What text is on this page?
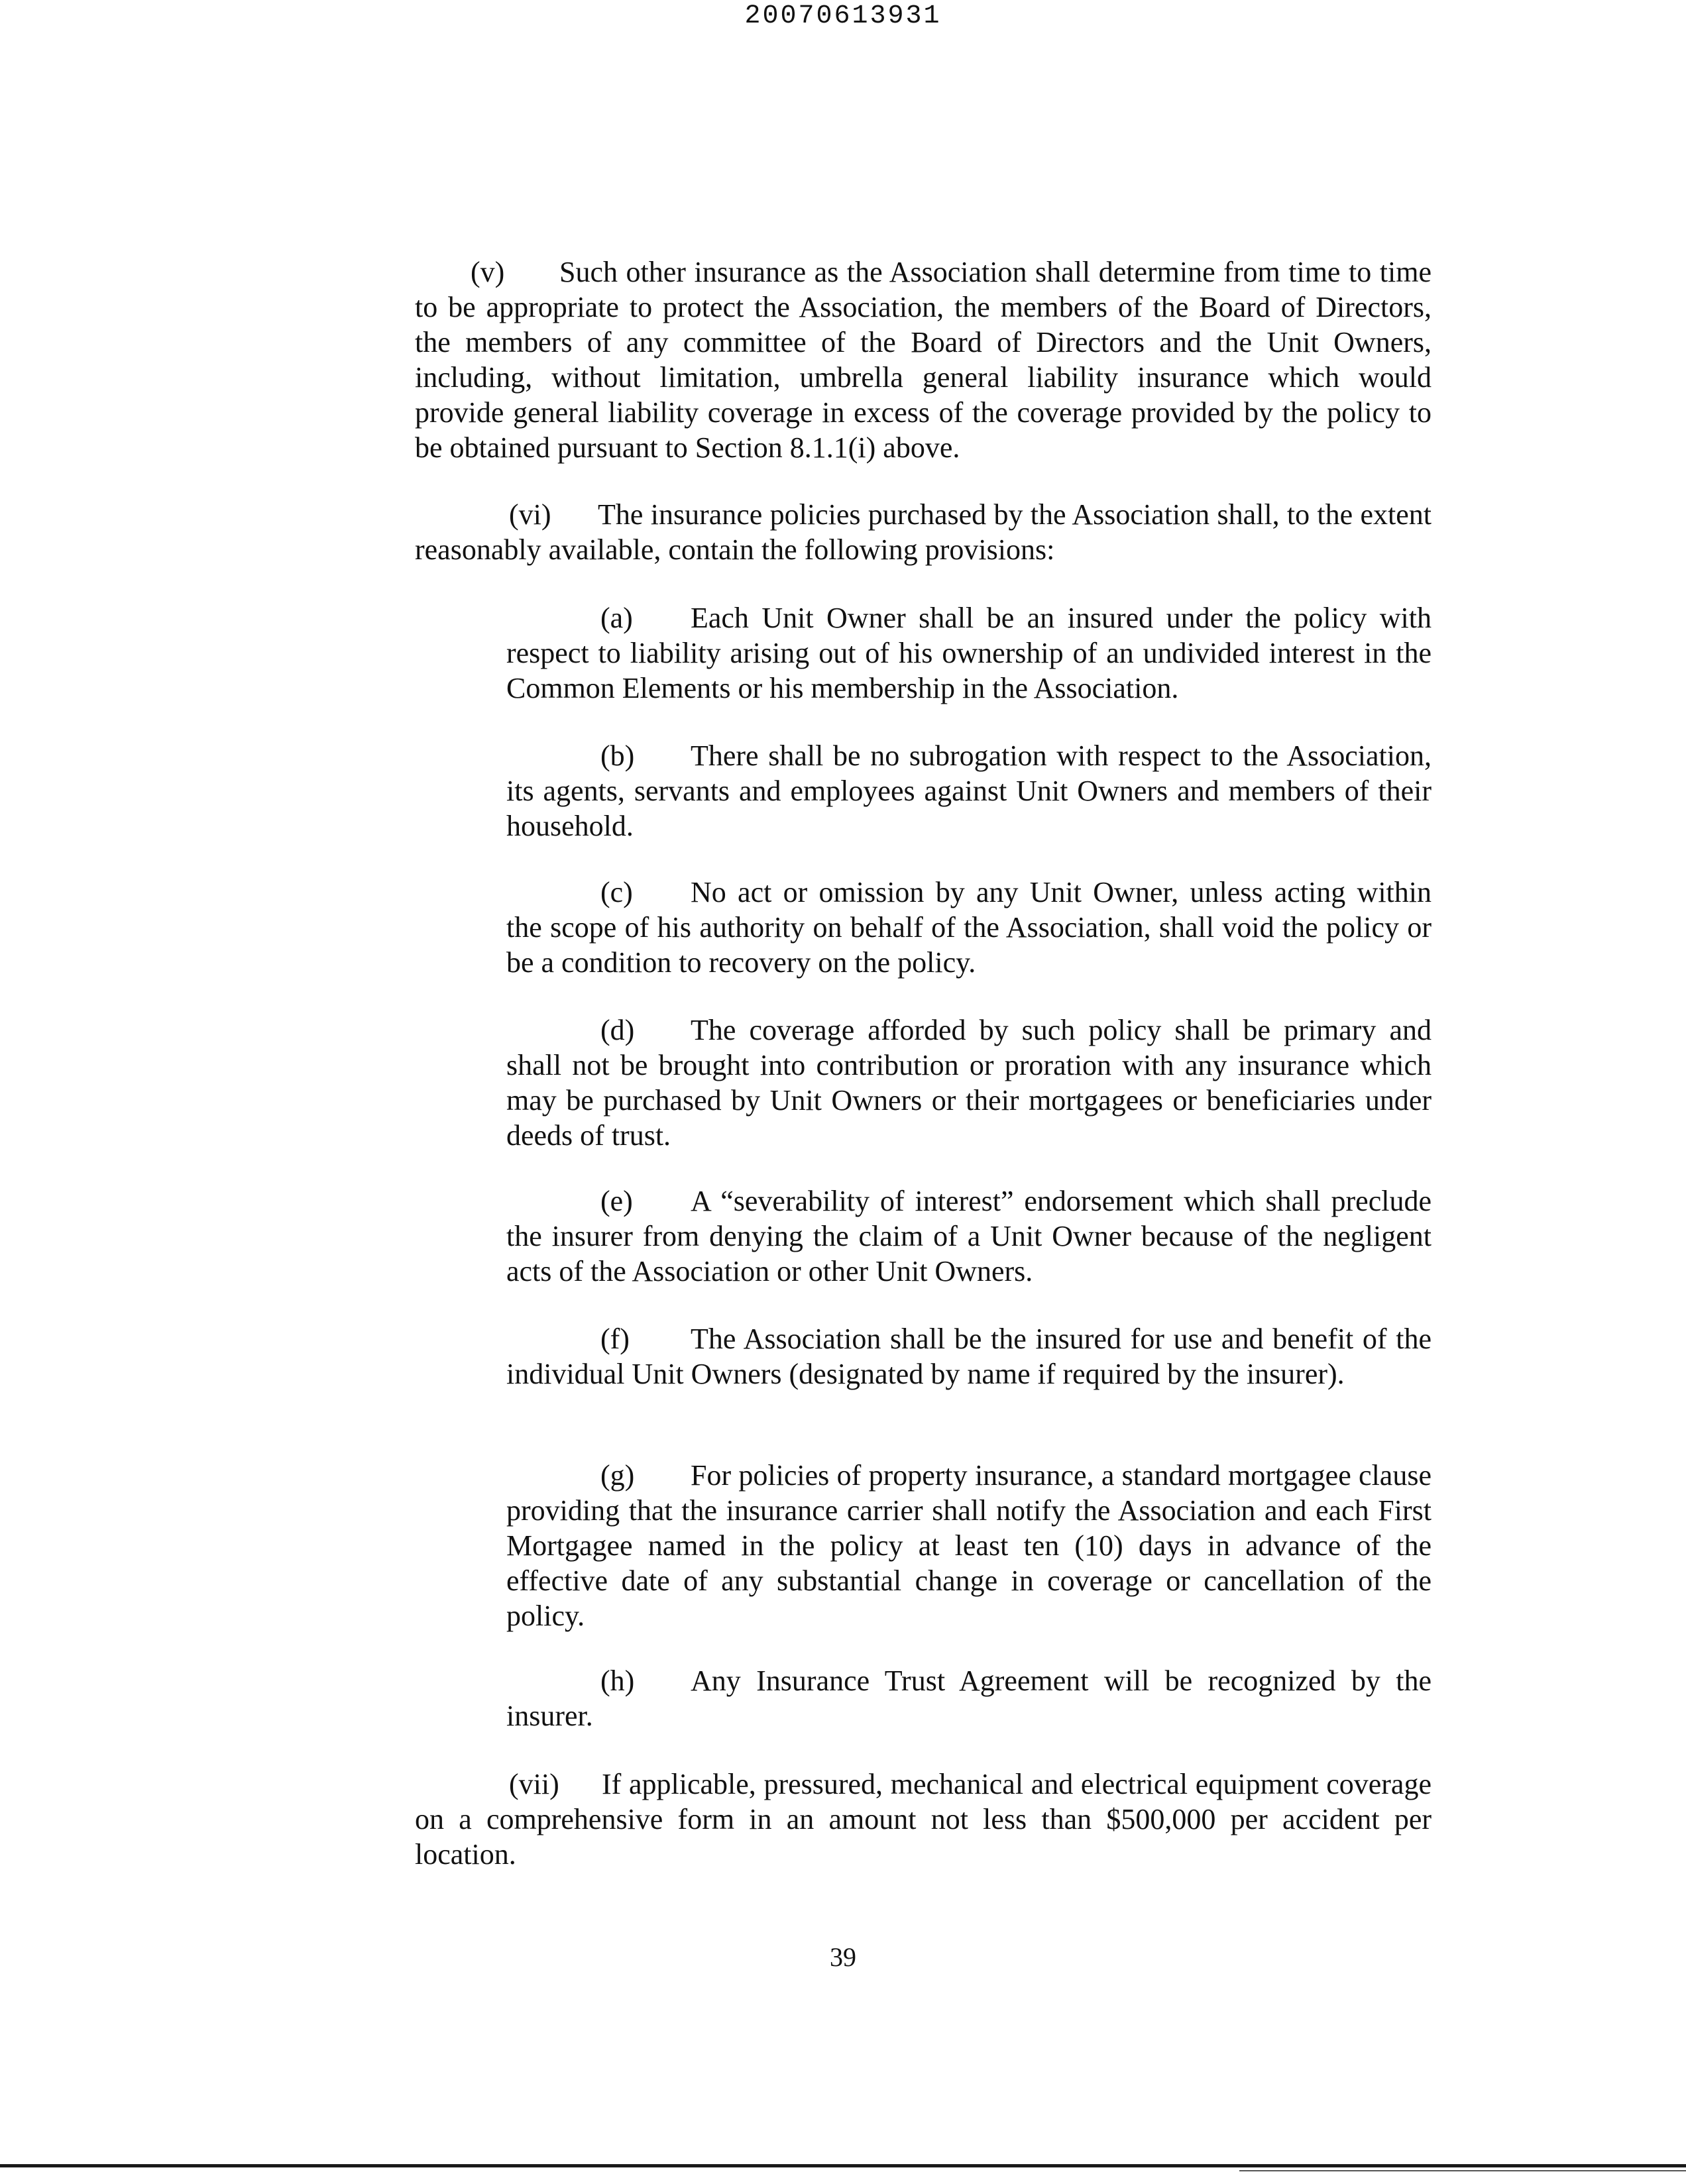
20070613931

(v) Such other insurance as the Association shall determine from time to time to be appropriate to protect the Association, the members of the Board of Directors, the members of any committee of the Board of Directors and the Unit Owners, including, without limitation, umbrella general liability insurance which would provide general liability coverage in excess of the coverage provided by the policy to be obtained pursuant to Section 8.1.1(i) above.

(vi) The insurance policies purchased by the Association shall, to the extent reasonably available, contain the following provisions:

(a) Each Unit Owner shall be an insured under the policy with respect to liability arising out of his ownership of an undivided interest in the Common Elements or his membership in the Association.

(b) There shall be no subrogation with respect to the Association, its agents, servants and employees against Unit Owners and members of their household.

(c) No act or omission by any Unit Owner, unless acting within the scope of his authority on behalf of the Association, shall void the policy or be a condition to recovery on the policy.

(d) The coverage afforded by such policy shall be primary and shall not be brought into contribution or proration with any insurance which may be purchased by Unit Owners or their mortgagees or beneficiaries under deeds of trust.

(e) A “severability of interest” endorsement which shall preclude the insurer from denying the claim of a Unit Owner because of the negligent acts of the Association or other Unit Owners.

(f) The Association shall be the insured for use and benefit of the individual Unit Owners (designated by name if required by the insurer).

(g) For policies of property insurance, a standard mortgagee clause providing that the insurance carrier shall notify the Association and each First Mortgagee named in the policy at least ten (10) days in advance of the effective date of any substantial change in coverage or cancellation of the policy.

(h) Any Insurance Trust Agreement will be recognized by the insurer.

(vii) If applicable, pressured, mechanical and electrical equipment coverage on a comprehensive form in an amount not less than $500,000 per accident per location.

39
